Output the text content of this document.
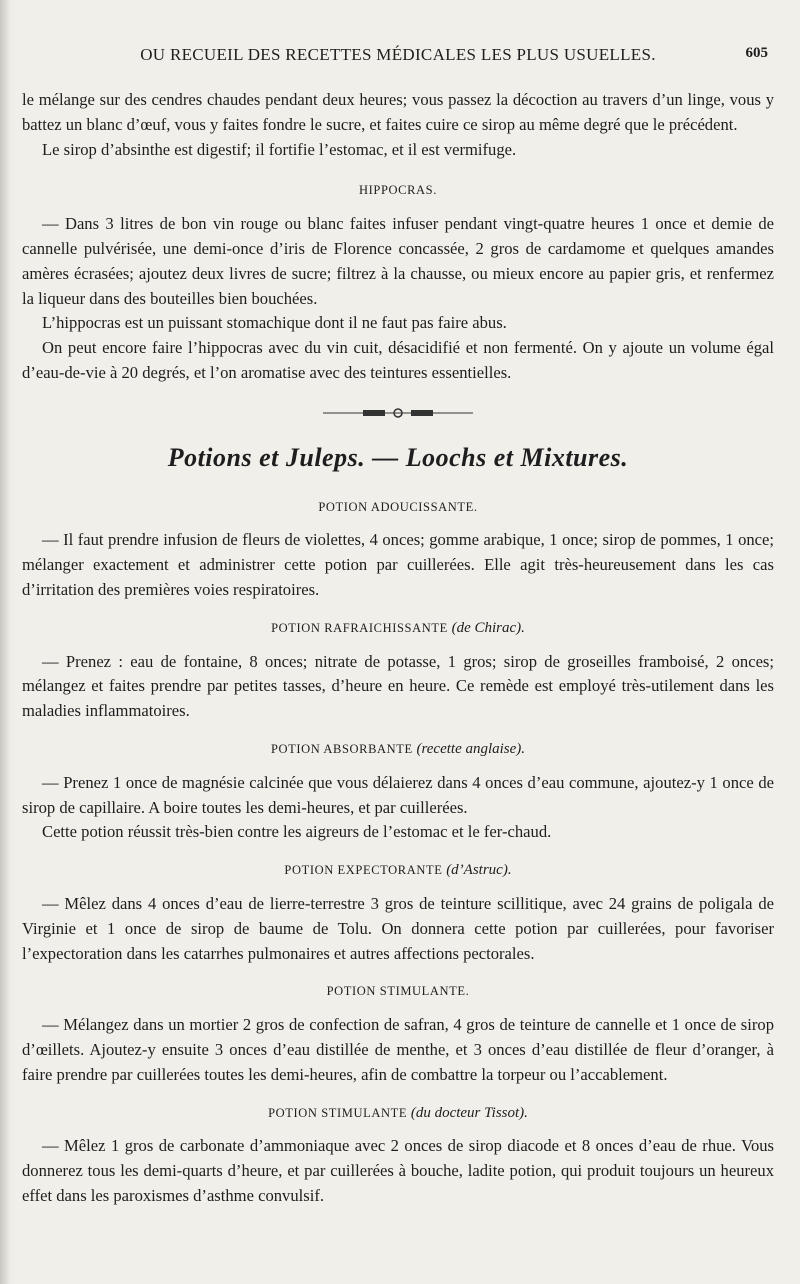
OU RECUEIL DES RECETTES MÉDICALES LES PLUS USUELLES.	605

le mélange sur des cendres chaudes pendant deux heures; vous passez la décoction au travers d’un linge, vous y battez un blanc d’œuf, vous y faites fondre le sucre, et faites cuire ce sirop au même degré que le précédent.

Le sirop d’absinthe est digestif; il fortifie l’estomac, et il est vermifuge.

HIPPOCRAS.

— Dans 3 litres de bon vin rouge ou blanc faites infuser pendant vingt-quatre heures 1 once et demie de cannelle pulvérisée, une demi-once d’iris de Florence concassée, 2 gros de cardamome et quelques amandes amères écrasées; ajoutez deux livres de sucre; filtrez à la chausse, ou mieux encore au papier gris, et renfermez la liqueur dans des bouteilles bien bouchées.

L’hippocras est un puissant stomachique dont il ne faut pas faire abus.

On peut encore faire l’hippocras avec du vin cuit, désacidifié et non fermenté. On y ajoute un volume égal d’eau-de-vie à 20 degrés, et l’on aromatise avec des teintures essentielles.

Potions et Juleps. — Loochs et Mixtures.
POTION ADOUCISSANTE.

— Il faut prendre infusion de fleurs de violettes, 4 onces; gomme arabique, 1 once; sirop de pommes, 1 once; mélanger exactement et administrer cette potion par cuillerées. Elle agit très-heureusement dans les cas d’irritation des premières voies respiratoires.

POTION RAFRAICHISSANTE (de Chirac).

— Prenez : eau de fontaine, 8 onces; nitrate de potasse, 1 gros; sirop de groseilles framboisé, 2 onces; mélangez et faites prendre par petites tasses, d’heure en heure. Ce remède est employé très-utilement dans les maladies inflammatoires.

POTION ABSORBANTE (recette anglaise).

— Prenez 1 once de magnésie calcinée que vous délaierez dans 4 onces d’eau commune, ajoutez-y 1 once de sirop de capillaire. A boire toutes les demi-heures, et par cuillerées.

Cette potion réussit très-bien contre les aigreurs de l’estomac et le fer-chaud.

POTION EXPECTORANTE (d’Astruc).

— Mêlez dans 4 onces d’eau de lierre-terrestre 3 gros de teinture scillitique, avec 24 grains de poligala de Virginie et 1 once de sirop de baume de Tolu. On donnera cette potion par cuillerées, pour favoriser l’expectoration dans les catarrhes pulmonaires et autres affections pectorales.

POTION STIMULANTE.

— Mélangez dans un mortier 2 gros de confection de safran, 4 gros de teinture de cannelle et 1 once de sirop d’œillets. Ajoutez-y ensuite 3 onces d’eau distillée de menthe, et 3 onces d’eau distillée de fleur d’oranger, à faire prendre par cuillerées toutes les demi-heures, afin de combattre la torpeur ou l’accablement.

POTION STIMULANTE (du docteur Tissot).

— Mêlez 1 gros de carbonate d’ammoniaque avec 2 onces de sirop diacode et 8 onces d’eau de rhue. Vous donnerez tous les demi-quarts d’heure, et par cuillerées à bouche, ladite potion, qui produit toujours un heureux effet dans les paroxismes d’asthme convulsif.
